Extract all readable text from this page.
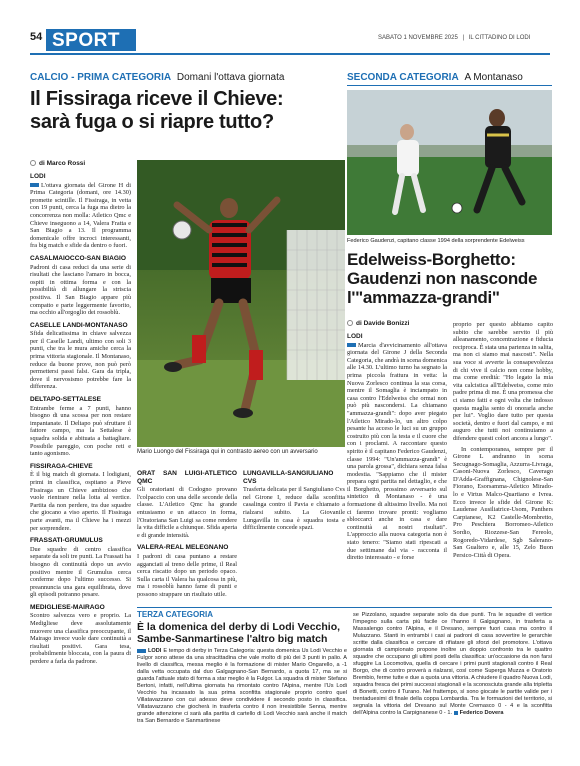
54 SPORT	SABATO 1 NOVEMBRE 2025 | IL CITTADINO DI LODI
CALCIO - PRIMA CATEGORIA Domani l'ottava giornata
Il Fissiraga riceve il Chieve:
sarà fuga o si riapre tutto?
di Marco Rossi
Mario Luongo del Fissiraga qui in contrasto aereo con un avversario
LODI

L'ottava giornata del Girone H di Prima Categoria (domani, ore 14.30) promette scintille. Il Fissiraga, in vetta con 19 punti, cerca la fuga ma dietro la concorrenza non molla: Atletico Qmc e Chieve inseguono a 14, Valera Fratta e San Biagio a 13. Il programma domenicale offre incroci interessanti, fra big match e sfide da dentro o fuori.

CASALMAIOCCO-SAN BIAGIO

Padroni di casa reduci da una serie di risultati che lasciano l'amaro in bocca, ospiti in ottima forma e con la possibilità di allungare la striscia positiva. Il San Biagio appare più compatto e parte leggermente favorito, ma occhio all'orgoglio dei rossoblù.

CASELLE LANDI-MONTANASO

Sfida delicatissima in chiave salvezza per il Caselle Landi, ultimo con soli 3 punti, che tra le mura amiche cerca la prima vittoria stagionale. Il Montanaso, reduce da buone prove, non può però permettersi passi falsi. Gara da tripla, dove il nervosismo potrebbe fare la differenza.

DELTAPO-SETTALESE

Entrambe ferme a 7 punti, hanno bisogno di una scossa per non restare impantanate. Il Deltapo può sfruttare il fattore campo, ma la Settalese è squadra solida e abituata a battagliare. Possibile pareggio, con poche reti e tanto agonismo.

FISSIRAGA-CHIEVE

È il big match di giornata. I lodigiani, primi in classifica, ospitano a Pieve Fissiraga un Chieve ambizioso che vuole rientrare nella lotta al vertice. Partita da non perdere, tra due squadre che giocano a viso aperto. Il Fissiraga parte avanti, ma il Chieve ha i mezzi per sorprendere.

FRASSATI-GRUMULUS

Due squadre di centro classifica separate da soli tre punti. La Frassati ha bisogno di continuità dopo un avvio positivo mentre il Grumulus cerca conferme dopo l'ultimo successo. Si preannuncia una gara equilibrata, dove gli episodi potranno pesare.

MEDIGLIESE-MAIRAGO

Scontro salvezza vero e proprio. La Medigliese deve assolutamente muovere una classifica preoccupante, il Mairago invece vuole dare continuità a risultati positivi. Gara tesa, probabilmente bloccata, con la paura di perdere a farla da padrone.

ORAT SAN LUIGI-ATLETICO QMC

Gli oratoriani di Codogno provano l'colpaccio con una delle seconde della classe. L'Atletico Qmc ha grande entusiasmo e un attacco in forma, l'Oratoriana San Luigi sa come rendere la vita difficile a chiunque. Sfida aperta e di grande intensità.

VALERA-REAL MELEGNANO

I padroni di casa puntano a restare agganciati al treno delle prime, il Real cerca riscatto dopo un periodo opaco. Sulla carta il Valera ha qualcosa in più, ma i rossoblù hanno fame di punti e possono strappare un risultato utile.

LUNGAVILLA-SANGIULIANO CVS

Trasferta delicata per il Sangiuliano Cvs nel Girone I, reduce dalla sconfitta casalinga contro il Pavia e chiamato a rialzarsi subito. La Giovanile Lungavilla in casa è squadra tosta e difficilmente concede spazi.

SECONDA CATEGORIA A Montanaso
Federico Gaudenzi, capitano classe 1994 della sorprendente Edelweiss
Edelweiss-Borghetto:
Gaudenzi non nasconde
l'"ammazza-grandi"
di Davide Bonizzi
LODI

Marcia d'avvicinamento all'ottava giornata del Girone J della Seconda Categoria, che andrà in scena domenica alle 14.30. L'ultimo turno ha segnato la prima piccola frattura in vetta: la Nuova Zorlesco continua la sua corsa, mentre il Somaglia è inciampato in casa contro l'Edelweiss che ormai non può più nascondersi. La chiamano "ammazza-grandi": dopo aver piegato l'Atletico Mirado-lo, un altro colpo pesante ha acceso le luci su un gruppo costruito più con la testa e il cuore che con i proclami. A raccontare questo spirito è il capitano Federico Gaudenzi, classe 1994: "Un'ammazza-grandi" è una parola grossa", dichiara senza falsa modestia. "Sappiamo che il mister prepara ogni partita nel dettaglio, e che il Borghetto, prossimo avversario sul sintetico di Montanaso - è una formazione di altissimo livello. Ma noi ci faremo trovare pronti: vogliamo sbloccarci anche in casa e dare continuità ai nostri risultati". L'approccio alla nuova categoria non è stato tenero: "Siamo stati ripescati a due settimane dal via - racconta il diretto interessato - e forse

proprio per questo abbiamo capito subito che sarebbe servito il più alleanamento, concentrazione e fiducia reciproca. È stata una partenza in salita, ma non ci siamo mai nascosti". Nella sua voce si avverte la consapevolezza di chi vive il calcio non come hobby, ma come eredità: "Ho legato la mia vita calcistica all'Edelweiss, come mio padre prima di me. È una promessa che ci siamo fatti e ogni volta che indosso questa maglia sento di onorarla anche per lui". Voglio dare tutto per questa società, dentro e fuori dal campo, e mi auguro che tutti noi continuiamo a difendere questi colori ancora a lungo".

In contemporanea, sempre per il Girone L andranno in scena Secugnago-Somaglia, Azzurra-Livraga, Casoni-Nuova Zorlesco, Caverago D'Adda-Graffignana, Chignolese-San Fiorano, Esorsamma-Atletico Mirado-lo e Virtus Malco-Quartiano e Ivrea. Ecco invece le sfide del Girone K: Laudense Ausiliatrice-Usom, Panthers Carpianese, K2 Castelle-Mombretto, Pro Peschiera Borromeo-Atletico Sordio, Riozzese-San Fereolo, Rogoredo-Vidardese, Sgb Salerano-San Gualtero e, alle 15, Zelo Buon Persico-Città di Opera.

TERZA CATEGORIA
È la domenica del derby di Lodi Vecchio,
Sambe-Sanmartinese l'altro big match

LODI È tempo di derby in Terza Categoria: questa domenica Us Lodi Vecchio e Fulgor sono attese da una stracittadina che vale molto di più dei 3 punti in palio. A livello di classifica, messa meglio è la formazione di mister Mario Ongarello, a -1 dalla vetta occupata dal duo Galgagnano-San Bernardo, a quota 17, ma se si guarda l'attuale stato di forma a star meglio è la Fulgor. La squadra di mister Stefano Bertoni, infatti, nell'ultima giornata ha rimontato contro l'Alpina, mentre l'Us Lodi Vecchio ha incassato la sua prima sconfitta stagionale proprio contro quel Villatavazzano con cui adesso deve condividere il secondo posto in classifica. Villatavazzano che giocherà in trasferta contro il non irresistibile Senna, mentre grande attenzione ci sarà alla partita di cartello di Lodi Vecchio sarà anche il match tra San Bernardo e Sanmartinese

se Pizzolano, squadre separate solo da due punti. Tra le squadre di vertice l'impegno sulla carta più facile ce l'hanno il Galgagnano, in trasferta a Massalengo contro l'Alpina, e il Dresano, sempre fuori casa ma contro il Mulazzano. Stanti in entrambi i casi ai padroni di casa sovvertire le gerarchie scritte dalla classifica e cercare di rifiatare gli sforzi del promotore. L'ottava giornata di campionato propone inoltre un doppio confronto tra le quattro squadre che occupano gli ultimi posti della classifica: un'occasione da non farsi sfuggire La Locomotiva, quella di cercare i primi punti stagionali contro il Real Borgo, che di contro proverà a rialzarsi, così come Superga Muzza e Oratorio Brembio, ferme tutte e due a quota una vittoria. A chiudere il quadro Nuova Lodi, squadra fresca dei primi successi stagionali e la sconosciuta grande alla tripletta di Bonetti, contro il Turano. Nel frattempo, sì sono giocate le partite valide per i trentaduesimi di finale della coppa Lombardia. Tra le formazioni del territorio, si segnala la vittoria del Dresano sul Monte Cremasco 0 - 4 e la sconfitta dell'Alpina contro la Carpignanese 0 - 1. Federico Dovera
